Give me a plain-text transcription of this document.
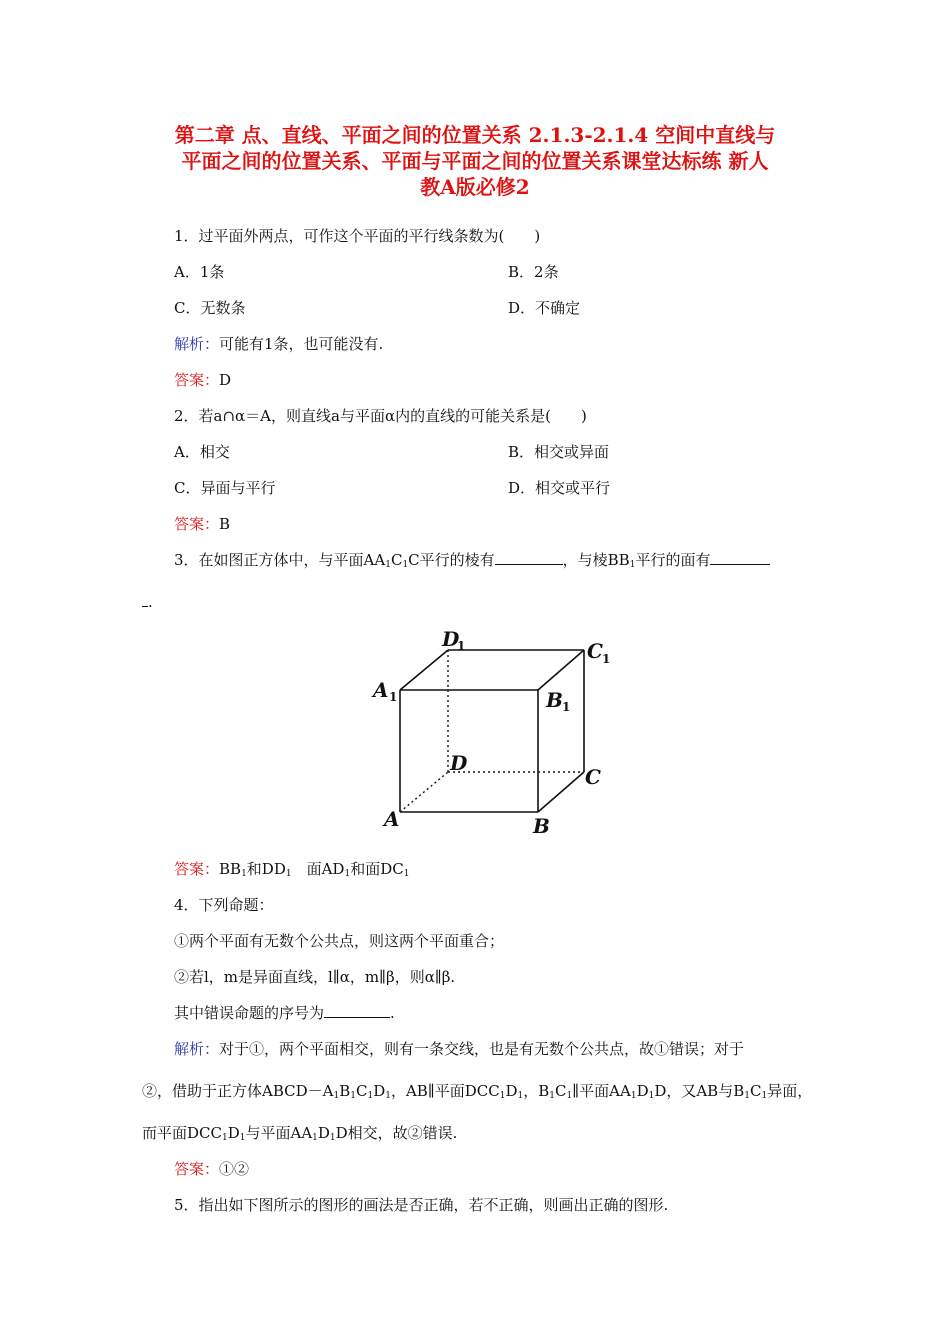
第二章 点、直线、平面之间的位置关系 2.1.3-2.1.4 空间中直线与
平面之间的位置关系、平面与平面之间的位置关系课堂达标练 新人
教A版必修2
1．过平面外两点，可作这个平面的平行线条数为(　　)
A．1条	B．2条
C．无数条	D．不确定
解析：可能有1条，也可能没有.
答案：D
2．若a∩α＝A，则直线a与平面α内的直线的可能关系是(　　)
A．相交	B．相交或异面
C．异面与平行	D．相交或平行
答案：B
3．在如图正方体中，与平面$AA_1C_1C$平行的棱有	，与棱$BB_1$平行的面有
.
D
1	C 1
A 1	B 1
D
C
A	B
答案：$BB_1$和$DD_1$　面$AD_1$和面$DC_1$
4．下列命题：
①两个平面有无数个公共点，则这两个平面重合；
②若l，m是异面直线，l∥α，m∥β，则α∥β.
其中错误命题的序号为	.
解析：对于①，两个平面相交，则有一条交线，也是有无数个公共点，故①错误；对于
②，借助于正方体$ABCD-A_1B_1C_1D_1$，AB∥平面$DCC_1D_1$，$B_1C_1\parallel$平面$AA_1D_1D$，又AB与$B_1C_1$异面，
而平面$DCC_1D_1$与平面$AA_1D_1D$相交，故②错误.
答案：①②
5．指出如下图所示的图形的画法是否正确，若不正确，则画出正确的图形.
